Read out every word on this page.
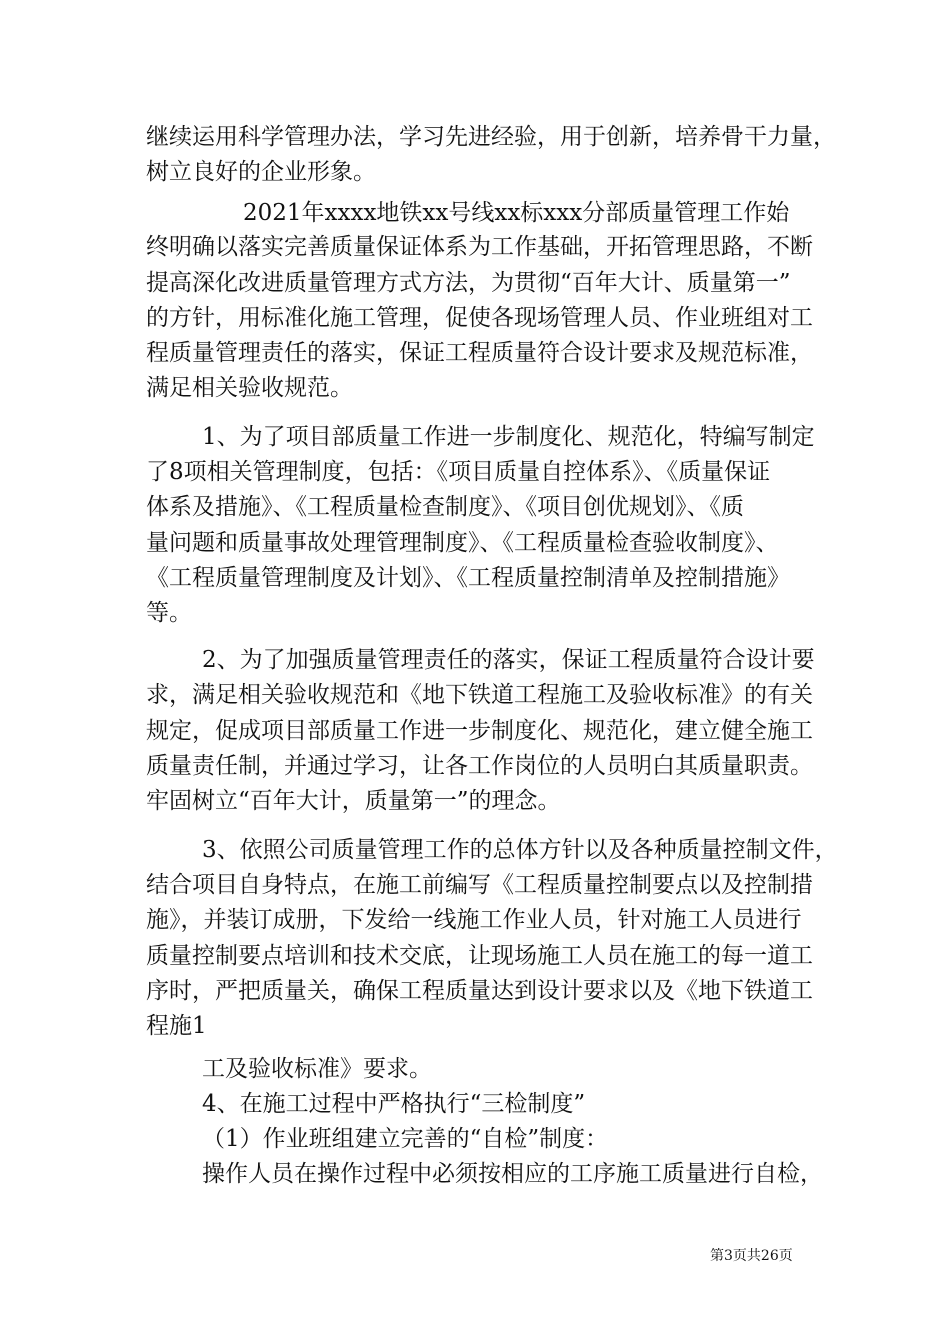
继续运用科学管理办法，学习先进经验，用于创新，培养骨干力量，
树立良好的企业形象。
2021年xxxx地铁xx号线xx标xxx分部质量管理工作始
终明确以落实完善质量保证体系为工作基础，开拓管理思路，不断
提高深化改进质量管理方式方法，为贯彻“百年大计、质量第一”
的方针，用标准化施工管理，促使各现场管理人员、作业班组对工
程质量管理责任的落实，保证工程质量符合设计要求及规范标准，
满足相关验收规范。
1、为了项目部质量工作进一步制度化、规范化，特编写制定
了8项相关管理制度，包括：《项目质量自控体系》、《质量保证
体系及措施》、《工程质量检查制度》、《项目创优规划》、《质
量问题和质量事故处理管理制度》、《工程质量检查验收制度》、
《工程质量管理制度及计划》、《工程质量控制清单及控制措施》
等。
2、为了加强质量管理责任的落实，保证工程质量符合设计要
求，满足相关验收规范和《地下铁道工程施工及验收标准》的有关
规定，促成项目部质量工作进一步制度化、规范化，建立健全施工
质量责任制，并通过学习，让各工作岗位的人员明白其质量职责。
牢固树立“百年大计，质量第一”的理念。
3、依照公司质量管理工作的总体方针以及各种质量控制文件，
结合项目自身特点，在施工前编写《工程质量控制要点以及控制措
施》，并装订成册，下发给一线施工作业人员，针对施工人员进行
质量控制要点培训和技术交底，让现场施工人员在施工的每一道工
序时，严把质量关，确保工程质量达到设计要求以及《地下铁道工
程施1
工及验收标准》要求。
4、在施工过程中严格执行“三检制度”
（1）作业班组建立完善的“自检”制度：
操作人员在操作过程中必须按相应的工序施工质量进行自检，
第3页共26页
